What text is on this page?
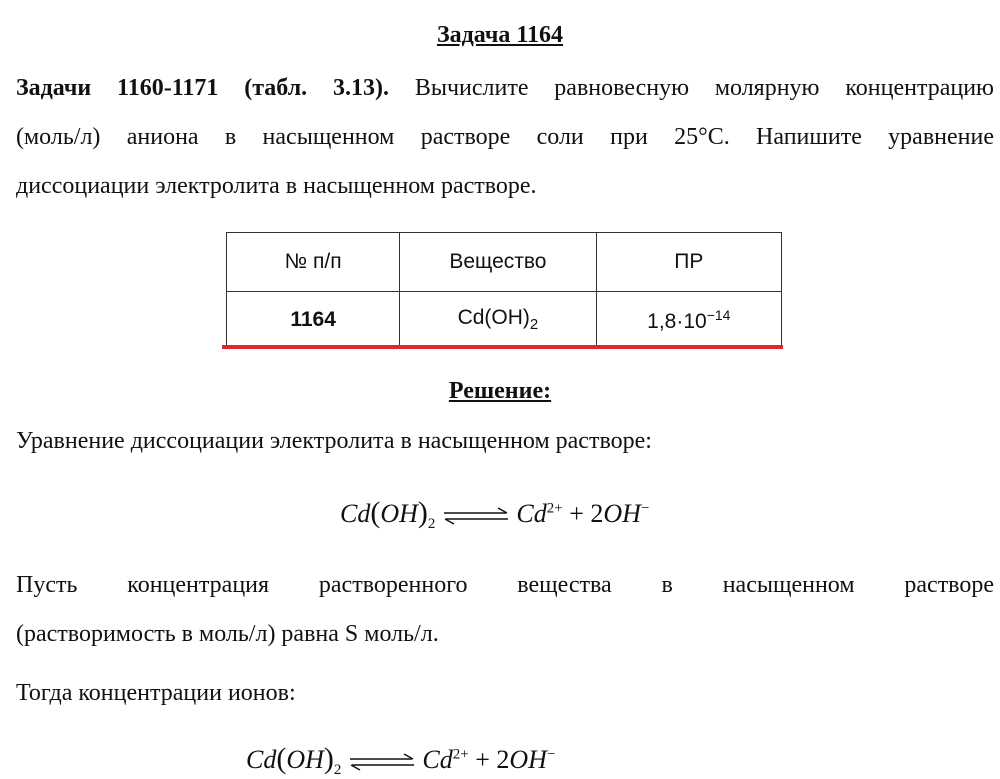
Задача 1164
Задачи 1160-1171 (табл. 3.13). Вычислите равновесную молярную концентрацию
(моль/л) аниона в насыщенном растворе соли при 25°С. Напишите уравнение
диссоциации электролита в насыщенном растворе.
№ п/п	Вещество	ПР
1164	$Cd(OH)_2$	$1,8\cdot 10^{-14}$
Решение:
Уравнение диссоциации электролита в насыщенном растворе:
$Cd(OH)_2$ ⇌ $Cd^{2+} + 2OH^-$
Пусть концентрация растворенного вещества в насыщенном растворе
(растворимость в моль/л) равна S моль/л.
Тогда концентрации ионов:
$Cd(OH)_2$ ⇌ $Cd^{2+} + 2OH^-$
